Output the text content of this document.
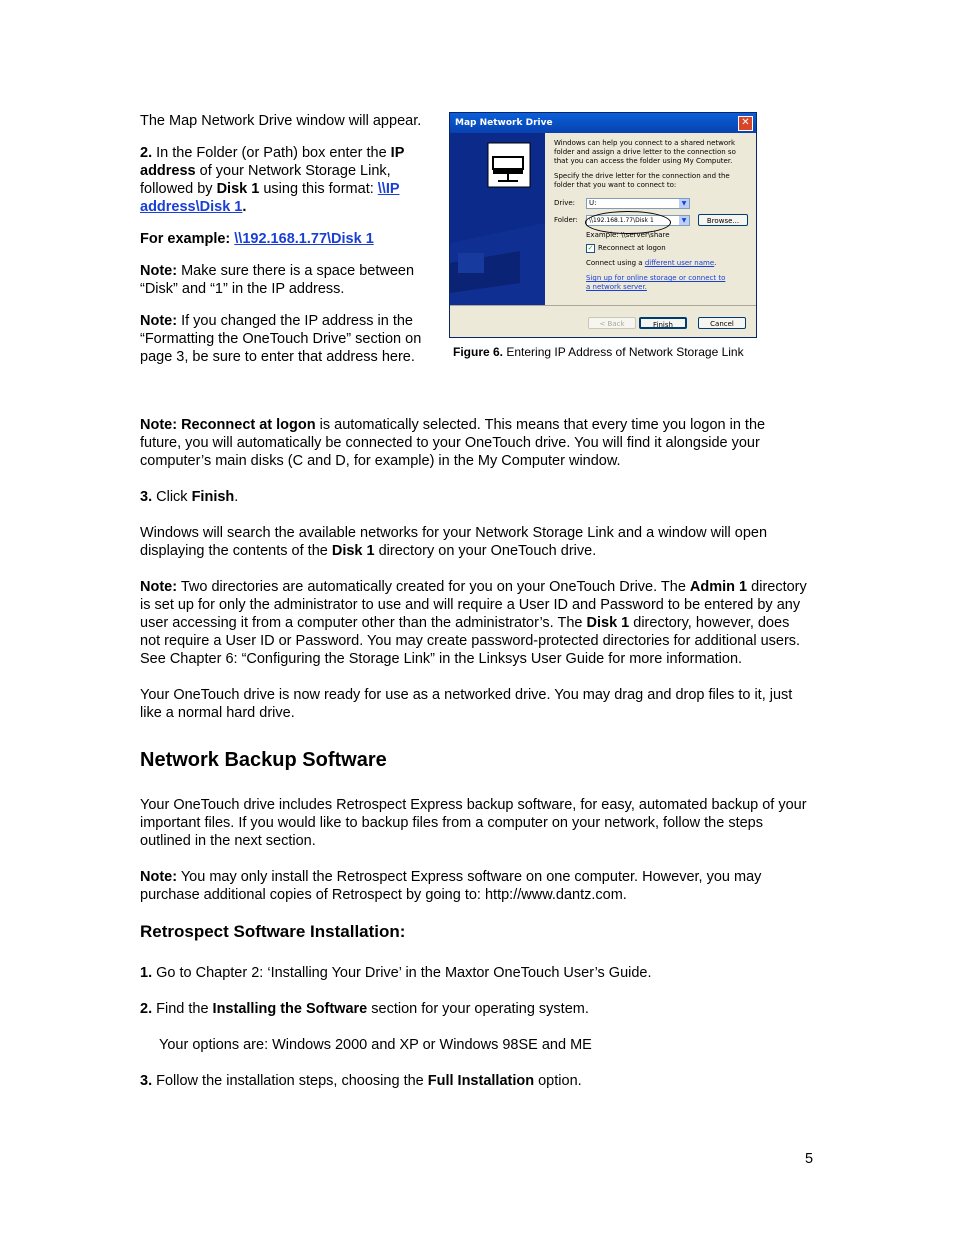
The Map Network Drive window will appear.

2. In the Folder (or Path) box enter the IP address of your Network Storage Link, followed by Disk 1 using this format: \\IP address\Disk 1.

For example: \\192.168.1.77\Disk 1

Note: Make sure there is a space between “Disk” and “1” in the IP address.

Note: If you changed the IP address in the “Formatting the OneTouch Drive” section on page 3, be sure to enter that address here.

Map Network Drive	✕

Windows can help you connect to a shared network folder and assign a drive letter to the connection so that you can access the folder using My Computer.

Specify the drive letter for the connection and the folder that you want to connect to:

Drive:	U:	▼
Folder:	\\192.168.1.77\Disk 1	▼	Browse...

Example: \\server\share

✓ Reconnect at logon

Connect using a different user name.

Sign up for online storage or connect to a network server.

< Back	Finish	Cancel
Figure 6. Entering IP Address of Network Storage Link

Note: Reconnect at logon is automatically selected. This means that every time you logon in the future, you will automatically be connected to your OneTouch drive. You will find it alongside your computer’s main disks (C and D, for example) in the My Computer window.

3. Click Finish.

Windows will search the available networks for your Network Storage Link and a window will open displaying the contents of the Disk 1 directory on your OneTouch drive.

Note: Two directories are automatically created for you on your OneTouch Drive. The Admin 1 directory is set up for only the administrator to use and will require a User ID and Password to be entered by any user accessing it from a computer other than the administrator’s. The Disk 1 directory, however, does not require a User ID or Password. You may create password-protected directories for additional users. See Chapter 6: “Configuring the Storage Link” in the Linksys User Guide for more information.

Your OneTouch drive is now ready for use as a networked drive. You may drag and drop files to it, just like a normal hard drive.

Network Backup Software

Your OneTouch drive includes Retrospect Express backup software, for easy, automated backup of your important files. If you would like to backup files from a computer on your network, follow the steps outlined in the next section.

Note: You may only install the Retrospect Express software on one computer. However, you may purchase additional copies of Retrospect by going to: http://www.dantz.com.

Retrospect Software Installation:

1. Go to Chapter 2: ‘Installing Your Drive’ in the Maxtor OneTouch User’s Guide.

2. Find the Installing the Software section for your operating system.

Your options are: Windows 2000 and XP or Windows 98SE and ME

3. Follow the installation steps, choosing the Full Installation option.

5
